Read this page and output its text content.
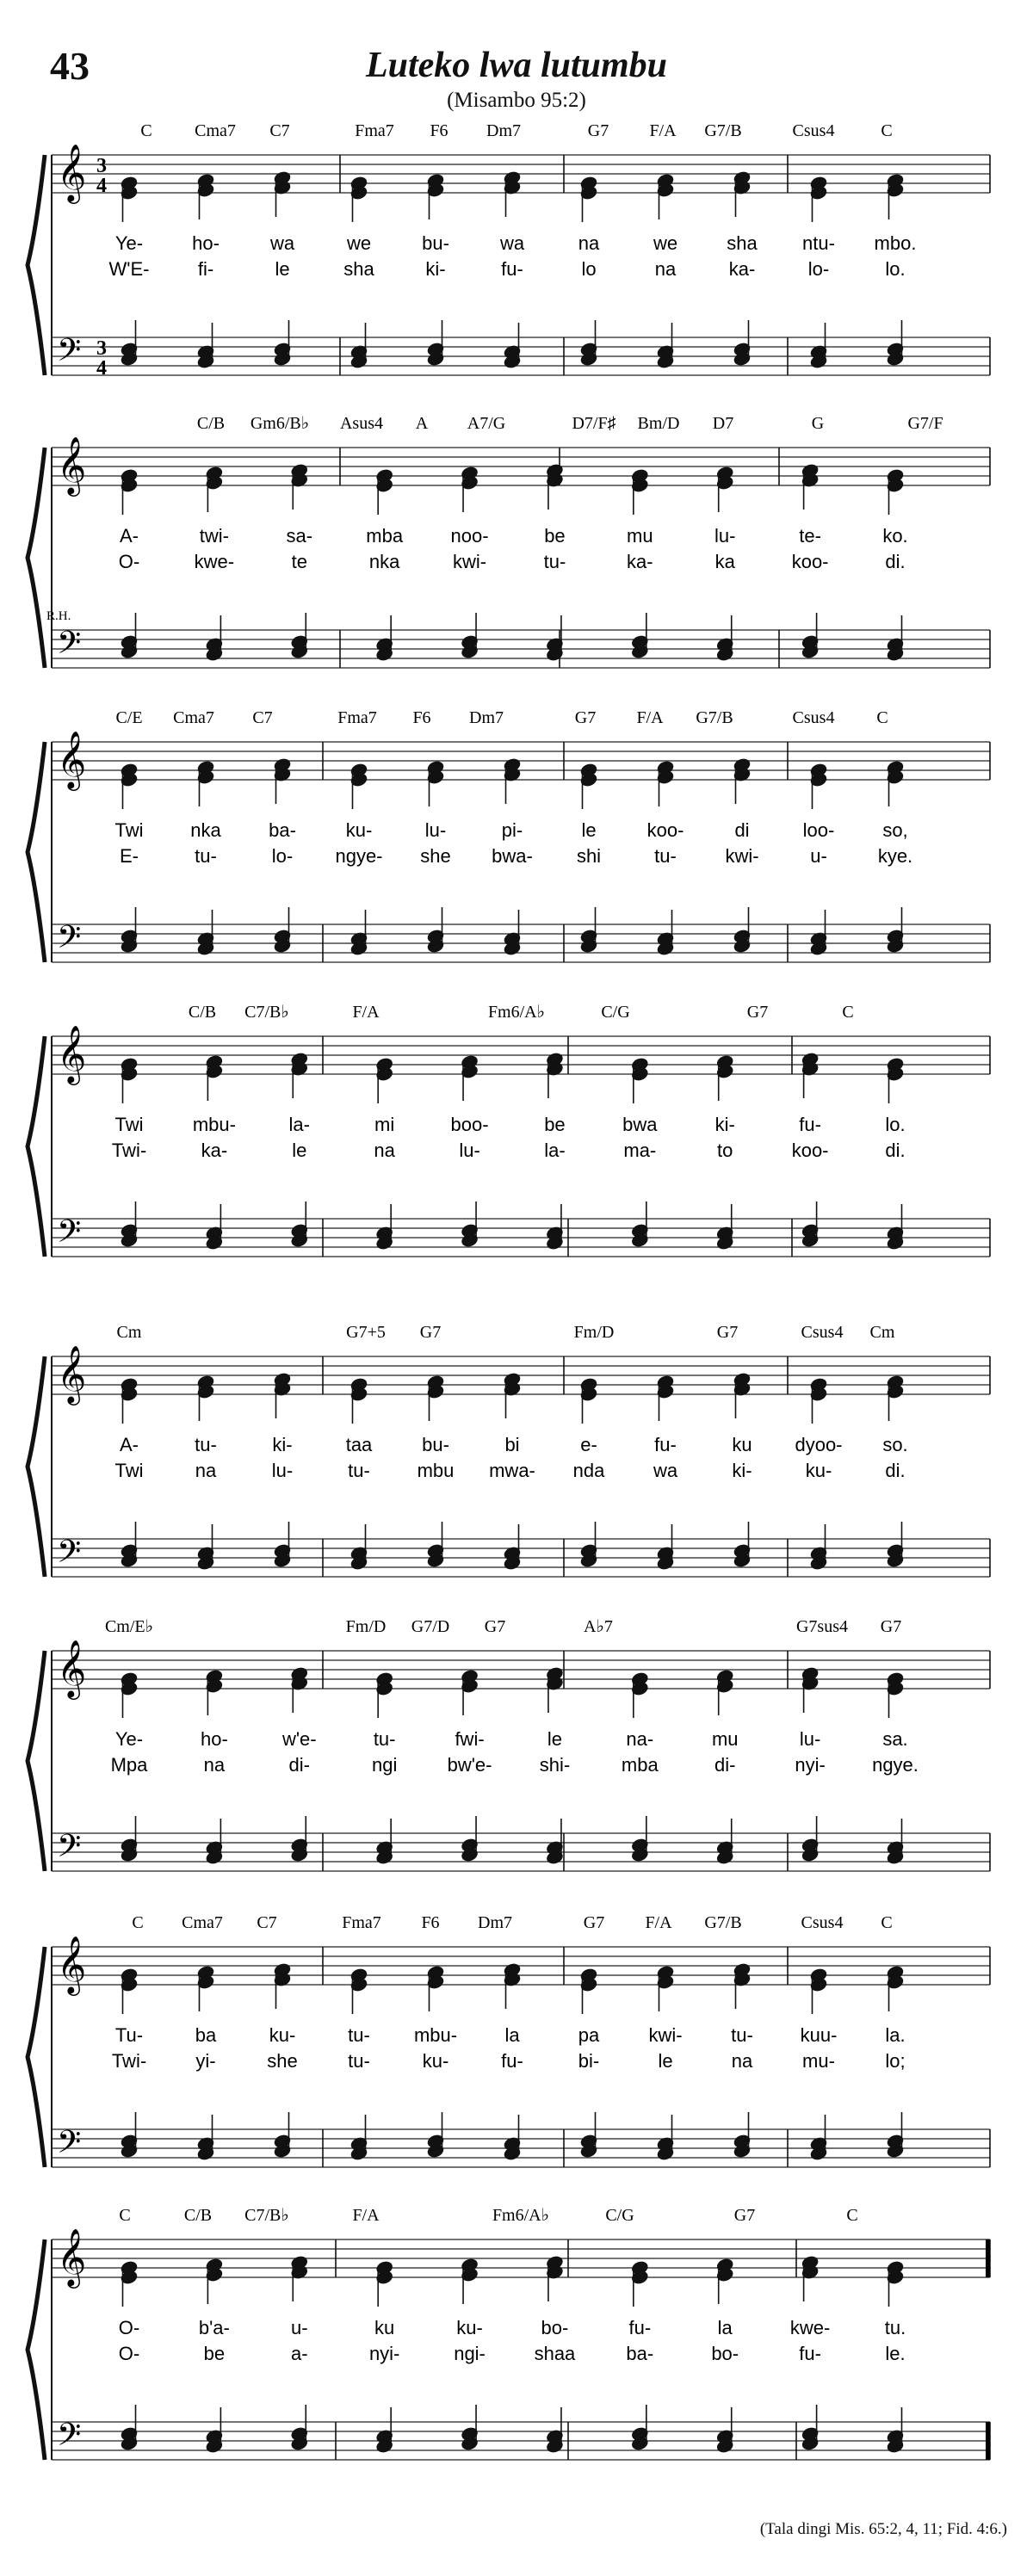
43	Luteko lwa lutumbu
(Misambo 95:2)
𝄞
𝄢
3
4
3
4
C Cma7 C7	Fma7 F6 Dm7	G7 F/A G7/B	Csus4	C
Ye-	ho-	wa	we	bu-	wa	na	we	sha ntu- mbo.
W'E-	fi-	le	sha	ki-	fu-	lo	na	ka-	lo-	lo.
𝄞
𝄢
R.H.
C/B Gm6/B♭ Asus4 A A7/G	D7/F♯ Bm/D D7	G	G7/F
A-	twi-	sa-	mba	noo-	be	mu	lu-	te-	ko.
O-	kwe-	te	nka	kwi-	tu-	ka-	ka	koo-	di.
𝄞
𝄢
C/E Cma7 C7	Fma7 F6 Dm7	G7 F/A G7/B	Csus4 C
Twi nka	ba-	ku-	lu-	pi-	le	koo-	di	loo-	so,
E-	tu-	lo- ngye- she bwa- shi	tu-	kwi-	u-	kye.
𝄞
𝄢
C/B C7/B♭	F/A	Fm6/A♭	C/G	G7	C
Twi	mbu-	la-	mi	boo-	be	bwa	ki-	fu-	lo.
Twi-	ka-	le	na	lu-	la-	ma-	to	koo-	di.
𝄞
𝄢
Cm	G7+5 G7	Fm/D	G7	Csus4 Cm
A-	tu-	ki-	taa	bu-	bi	e-	fu-	ku dyoo- so.
Twi	na	lu-	tu- mbu mwa- nda	wa	ki-	ku-	di.
𝄞
𝄢
Cm/E♭	Fm/D G7/D G7	A♭7	G7sus4 G7
Ye-	ho-	w'e-	tu-	fwi-	le	na-	mu	lu-	sa.
Mpa	na	di-	ngi	bw'e-	shi-	mba	di-	nyi- ngye.
𝄞
𝄢
C Cma7 C7	Fma7 F6 Dm7	G7 F/A G7/B	Csus4 C
Tu-	ba	ku-	tu- mbu-	la	pa	kwi-	tu- kuu-	la.
Twi-	yi-	she	tu-	ku-	fu-	bi-	le	na	mu-	lo;
𝄞
𝄢
C	C/B C7/B♭	F/A	Fm6/A♭	C/G	G7	C
O-	b'a-	u-	ku	ku-	bo-	fu-	la	kwe-	tu.
O-	be	a-	nyi-	ngi-	shaa	ba-	bo-	fu-	le.
(Tala dingi Mis. 65:2, 4, 11; Fid. 4:6.)
